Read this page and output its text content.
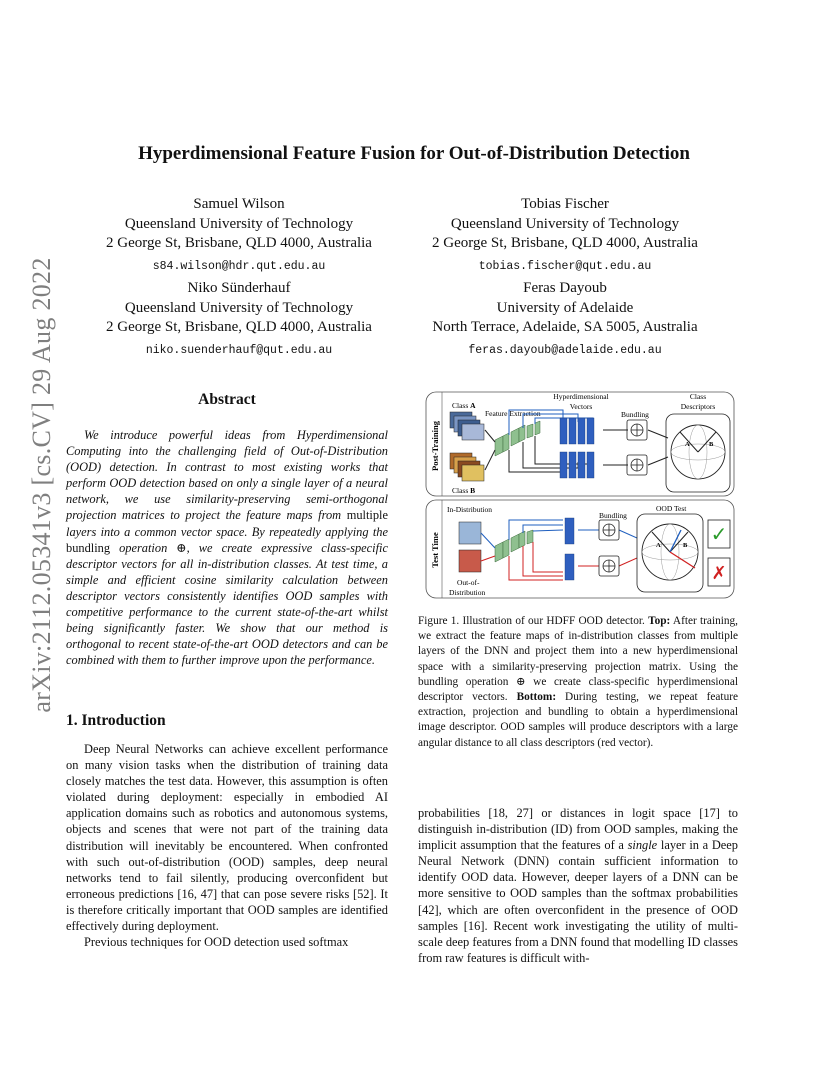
arXiv:2112.05341v3 [cs.CV] 29 Aug 2022
Hyperdimensional Feature Fusion for Out-of-Distribution Detection
Samuel Wilson
Queensland University of Technology
2 George St, Brisbane, QLD 4000, Australia
s84.wilson@hdr.qut.edu.au
Tobias Fischer
Queensland University of Technology
2 George St, Brisbane, QLD 4000, Australia
tobias.fischer@qut.edu.au
Niko Sünderhauf
Queensland University of Technology
2 George St, Brisbane, QLD 4000, Australia
niko.suenderhauf@qut.edu.au
Feras Dayoub
University of Adelaide
North Terrace, Adelaide, SA 5005, Australia
feras.dayoub@adelaide.edu.au
Abstract
We introduce powerful ideas from Hyperdimensional Computing into the challenging field of Out-of-Distribution (OOD) detection. In contrast to most existing works that perform OOD detection based on only a single layer of a neural network, we use similarity-preserving semi-orthogonal projection matrices to project the feature maps from multiple layers into a common vector space. By repeatedly applying the bundling operation ⊕, we create expressive class-specific descriptor vectors for all in-distribution classes. At test time, a simple and efficient cosine similarity calculation between descriptor vectors consistently identifies OOD samples with competitive performance to the current state-of-the-art whilst being significantly faster. We show that our method is orthogonal to recent state-of-the-art OOD detectors and can be combined with them to further improve upon the performance.
1. Introduction

Deep Neural Networks can achieve excellent performance on many vision tasks when the distribution of training data closely matches the test data. However, this assumption is often violated during deployment: especially in embodied AI application domains such as robotics and autonomous systems, objects and scenes that were not part of the training data distribution will inevitably be encountered. When confronted with such out-of-distribution (OOD) samples, deep neural networks tend to fail silently, producing overconfident but erroneous predictions [16, 47] that can pose severe risks [52]. It is therefore critically important that OOD samples are identified effectively during deployment.

Previous techniques for OOD detection used softmax

probabilities [18, 27] or distances in logit space [17] to distinguish in-distribution (ID) from OOD samples, making the implicit assumption that the features of a single layer in a Deep Neural Network (DNN) contain sufficient information to identify OOD data. However, deeper layers of a DNN can be more sensitive to OOD samples than the softmax probabilities [42], which are often overconfident in the presence of OOD samples [16]. Recent work investigating the utility of multi-scale deep features from a DNN found that modelling ID classes from raw features is difficult with-
Post-Training
Test Time
Class A
Feature Extraction
Hyperdimensional
Vectors
Bundling
Class
Descriptors
Class B
A	B
In-Distribution
Out-of-
Distribution
Bundling
OOD Test
A	B ✓
✗
Figure 1. Illustration of our HDFF OOD detector. Top: After training, we extract the feature maps of in-distribution classes from multiple layers of the DNN and project them into a new hyperdimensional space with a similarity-preserving projection matrix. Using the bundling operation ⊕ we create class-specific hyperdimensional descriptor vectors. Bottom: During testing, we repeat feature extraction, projection and bundling to obtain a hyperdimensional image descriptor. OOD samples will produce descriptors with a large angular distance to all class descriptors (red vector).
